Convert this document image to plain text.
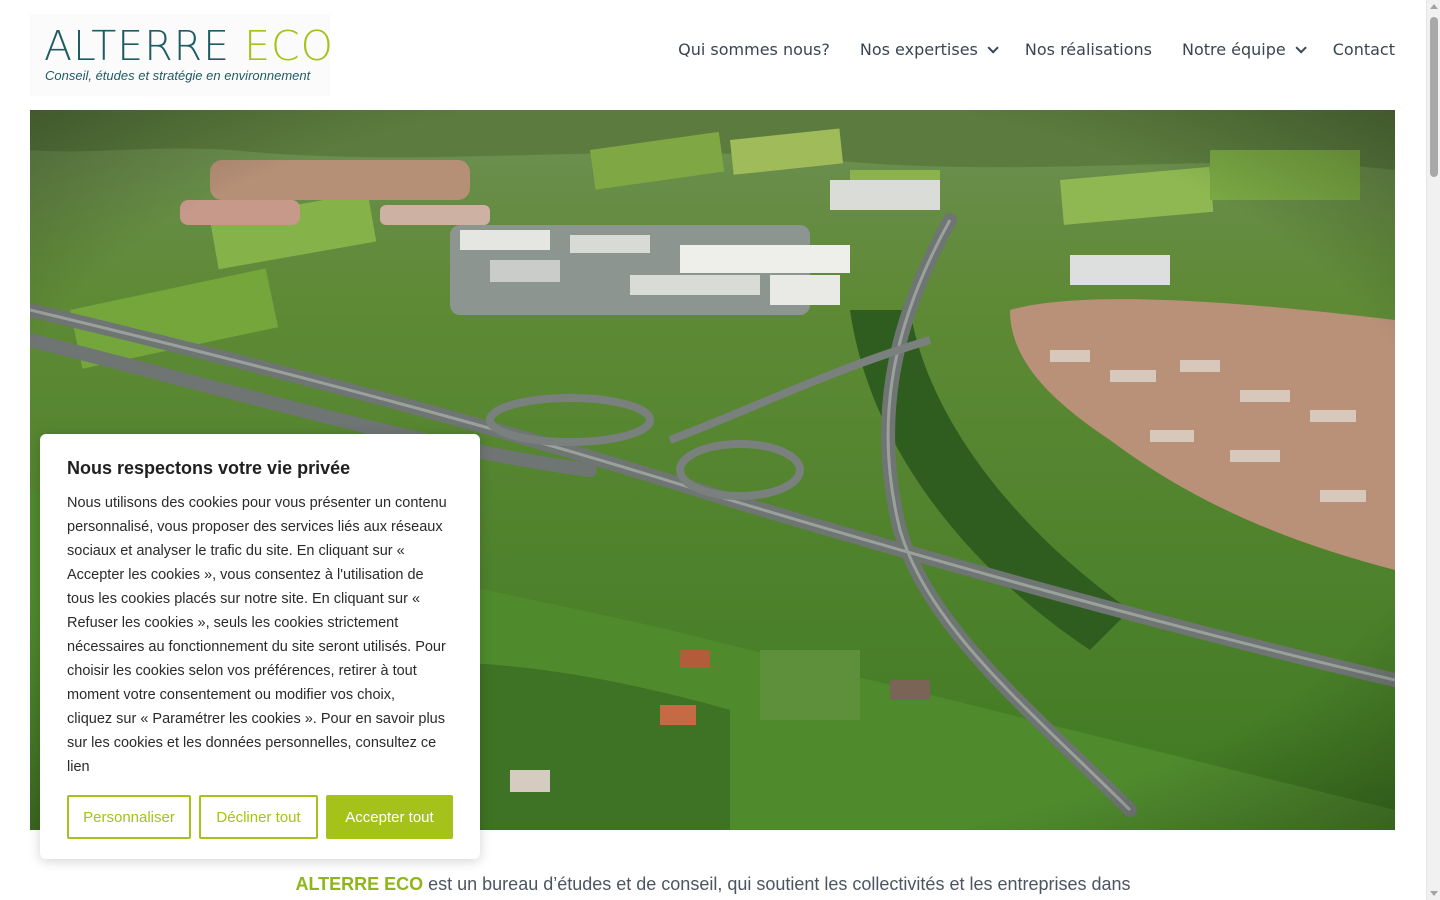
ALTERRE ECO
Conseil, études et stratégie en environnement
Qui sommes nous? Nos expertises	Nos réalisations Notre équipe	Contact

ALTERRE ECO est un bureau d’études et de conseil, qui soutient les collectivités et les entreprises dans

Nous respectons votre vie privée
Nous utilisons des cookies pour vous présenter un contenu
personnalisé, vous proposer des services liés aux réseaux
sociaux et analyser le trafic du site. En cliquant sur «
Accepter les cookies », vous consentez à l'utilisation de
tous les cookies placés sur notre site. En cliquant sur «
Refuser les cookies », seuls les cookies strictement
nécessaires au fonctionnement du site seront utilisés. Pour
choisir les cookies selon vos préférences, retirer à tout
moment votre consentement ou modifier vos choix,
cliquez sur « Paramétrer les cookies ». Pour en savoir plus
sur les cookies et les données personnelles, consultez ce
lien
Personnaliser	Décliner tout	Accepter tout
